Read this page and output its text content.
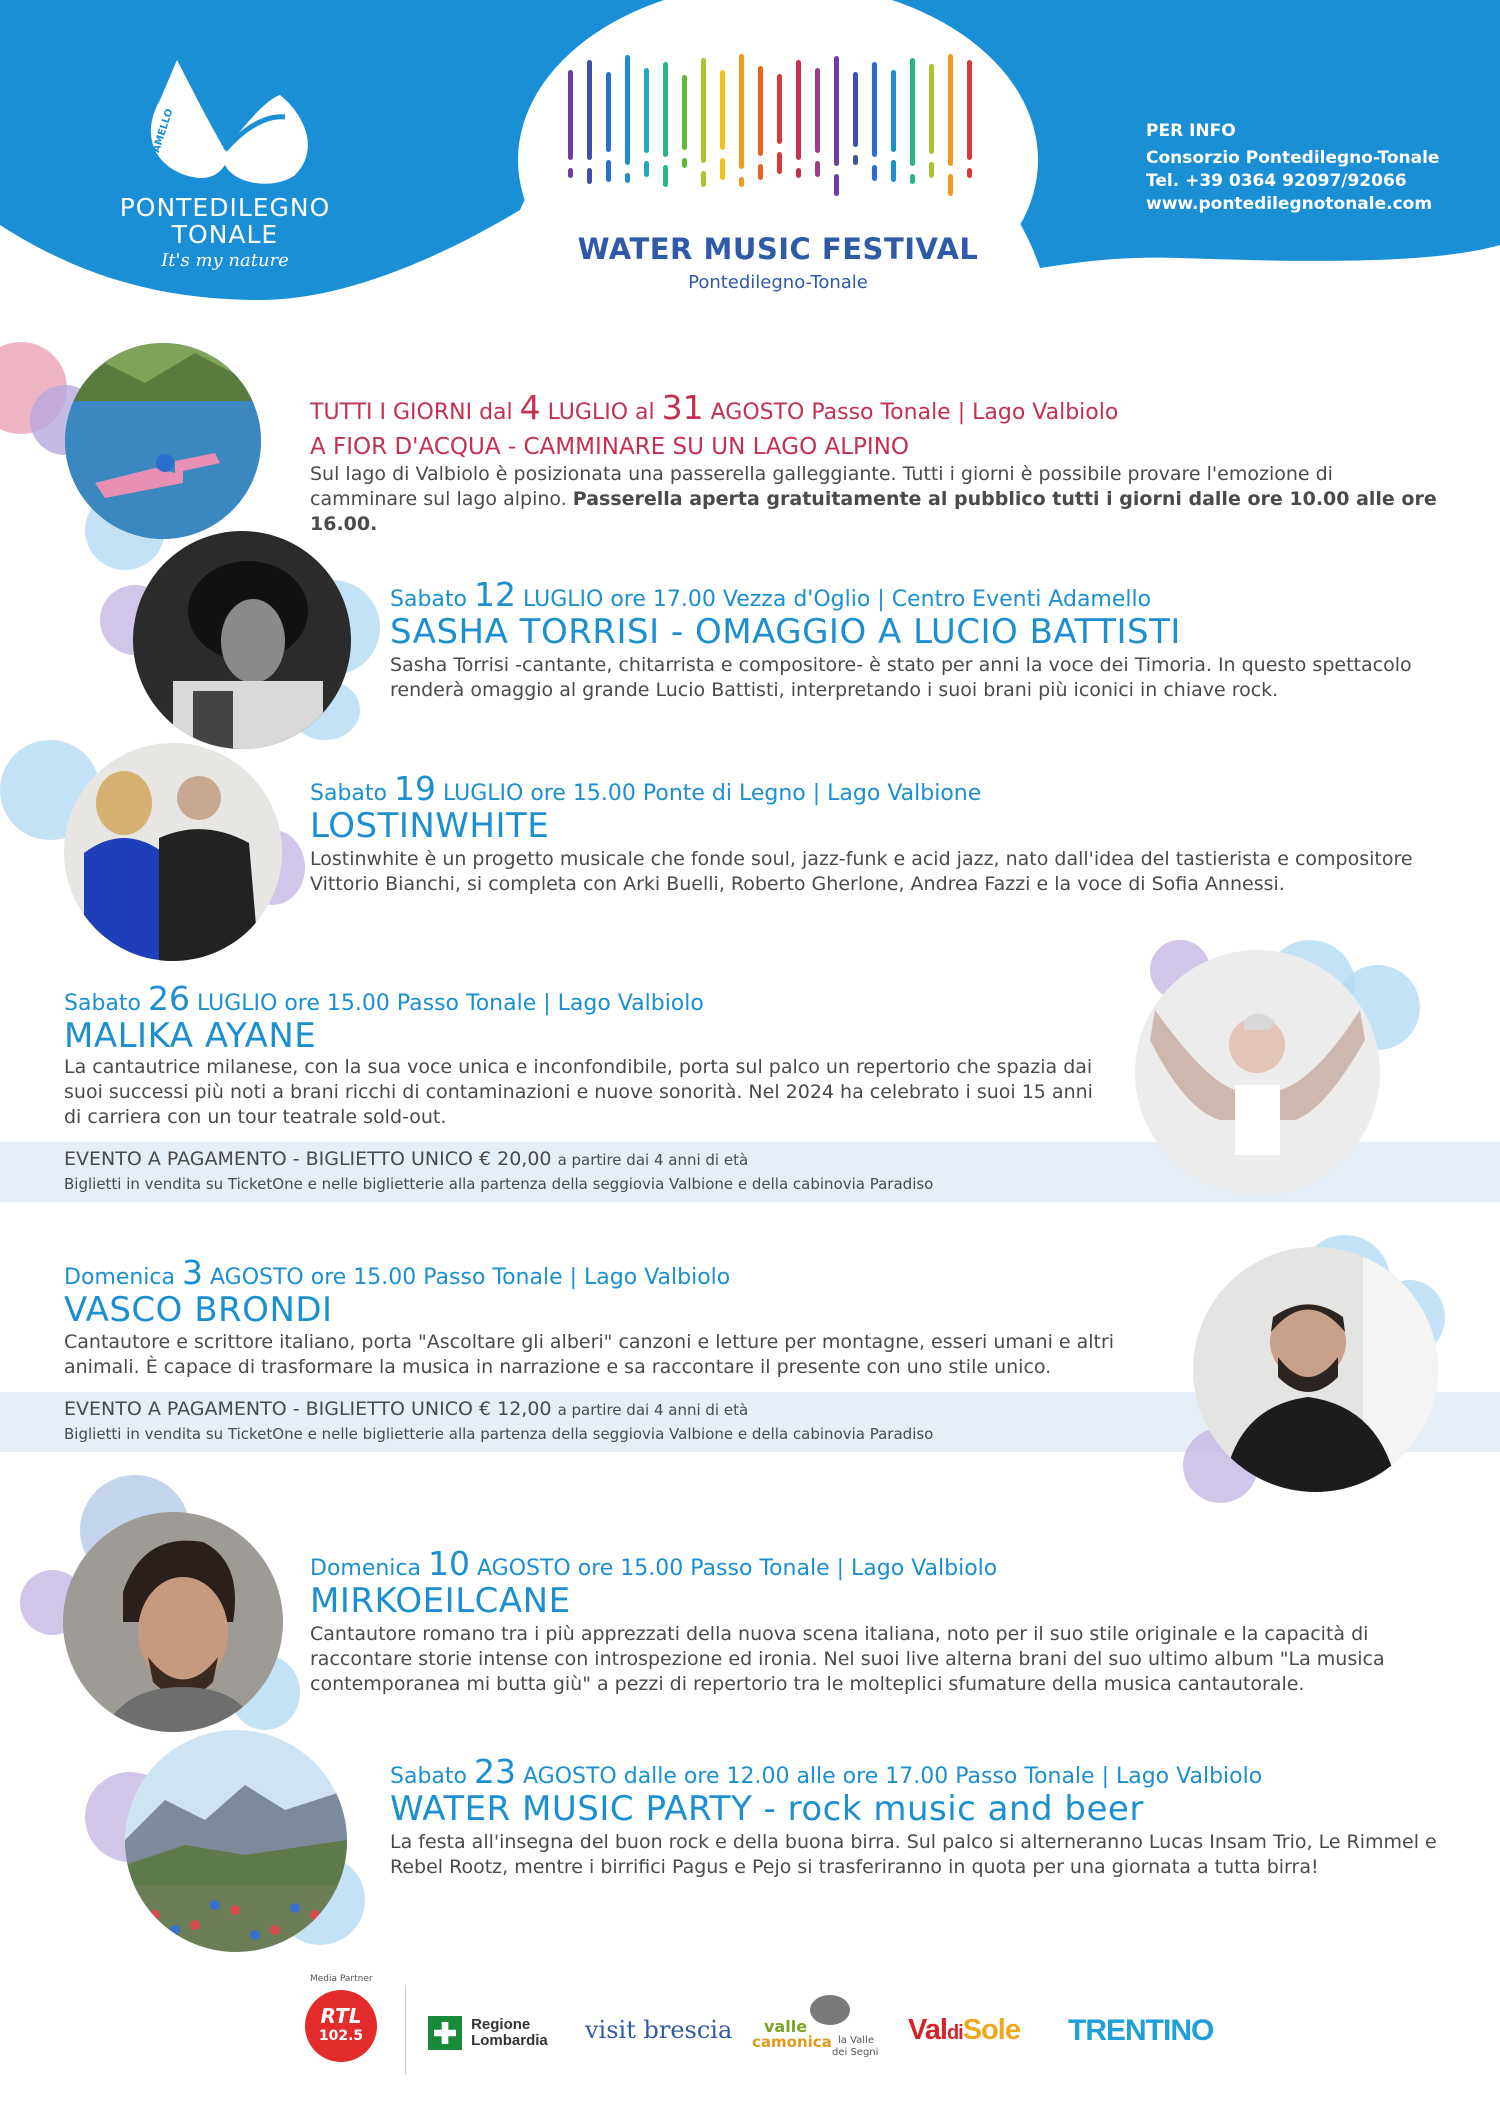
ADAMELLO
PONTEDILEGNO
TONALE
It's my nature	WATER MUSIC FESTIVAL
Pontedilegno-Tonale
PER INFO
Consorzio Pontedilegno-Tonale
Tel. +39 0364 92097/92066
www.pontedilegnotonale.com
TUTTI I GIORNI dal 4 LUGLIO al 31 AGOSTO Passo Tonale | Lago Valbiolo
A FIOR D'ACQUA - CAMMINARE SU UN LAGO ALPINO
Sul lago di Valbiolo è posizionata una passerella galleggiante. Tutti i giorni è possibile provare l'emozione di camminare sul lago alpino. Passerella aperta gratuitamente al pubblico tutti i giorni dalle ore 10.00 alle ore 16.00.
Sabato 12 LUGLIO ore 17.00 Vezza d'Oglio | Centro Eventi Adamello
SASHA TORRISI - OMAGGIO A LUCIO BATTISTI
Sasha Torrisi -cantante, chitarrista e compositore- è stato per anni la voce dei Timoria. In questo spettacolo renderà omaggio al grande Lucio Battisti, interpretando i suoi brani più iconici in chiave rock.
Sabato 19 LUGLIO ore 15.00 Ponte di Legno | Lago Valbione
LOSTINWHITE
Lostinwhite è un progetto musicale che fonde soul, jazz-funk e acid jazz, nato dall'idea del tastierista e compositore Vittorio Bianchi, si completa con Arki Buelli, Roberto Gherlone, Andrea Fazzi e la voce di Sofia Annessi.
EVENTO A PAGAMENTO - BIGLIETTO UNICO € 20,00 a partire dai 4 anni di età
Biglietti in vendita su TicketOne e nelle biglietterie alla partenza della seggiovia Valbione e della cabinovia Paradiso
Sabato 26 LUGLIO ore 15.00 Passo Tonale | Lago Valbiolo
MALIKA AYANE
La cantautrice milanese, con la sua voce unica e inconfondibile, porta sul palco un repertorio che spazia dai suoi successi più noti a brani ricchi di contaminazioni e nuove sonorità. Nel 2024 ha celebrato i suoi 15 anni di carriera con un tour teatrale sold-out.
EVENTO A PAGAMENTO - BIGLIETTO UNICO € 12,00 a partire dai 4 anni di età
Biglietti in vendita su TicketOne e nelle biglietterie alla partenza della seggiovia Valbione e della cabinovia Paradiso
Domenica 3 AGOSTO ore 15.00 Passo Tonale | Lago Valbiolo
VASCO BRONDI
Cantautore e scrittore italiano, porta "Ascoltare gli alberi" canzoni e letture per montagne, esseri umani e altri animali. È capace di trasformare la musica in narrazione e sa raccontare il presente con uno stile unico.
Domenica 10 AGOSTO ore 15.00 Passo Tonale | Lago Valbiolo
MIRKOEILCANE
Cantautore romano tra i più apprezzati della nuova scena italiana, noto per il suo stile originale e la capacità di raccontare storie intense con introspezione ed ironia. Nel suoi live alterna brani del suo ultimo album "La musica contemporanea mi butta giù" a pezzi di repertorio tra le molteplici sfumature della musica cantautorale.
Sabato 23 AGOSTO dalle ore 12.00 alle ore 17.00 Passo Tonale | Lago Valbiolo
WATER MUSIC PARTY - rock music and beer
La festa all'insegna del buon rock e della buona birra. Sul palco si alterneranno Lucas Insam Trio, Le Rimmel e Rebel Rootz, mentre i birrifici Pagus e Pejo si trasferiranno in quota per una giornata a tutta birra!
Media Partner
RTL
102.5
Regione
Lombardia visit brescia valle
camonica la Valle
dei Segni
ValdiSole TRENTINO
